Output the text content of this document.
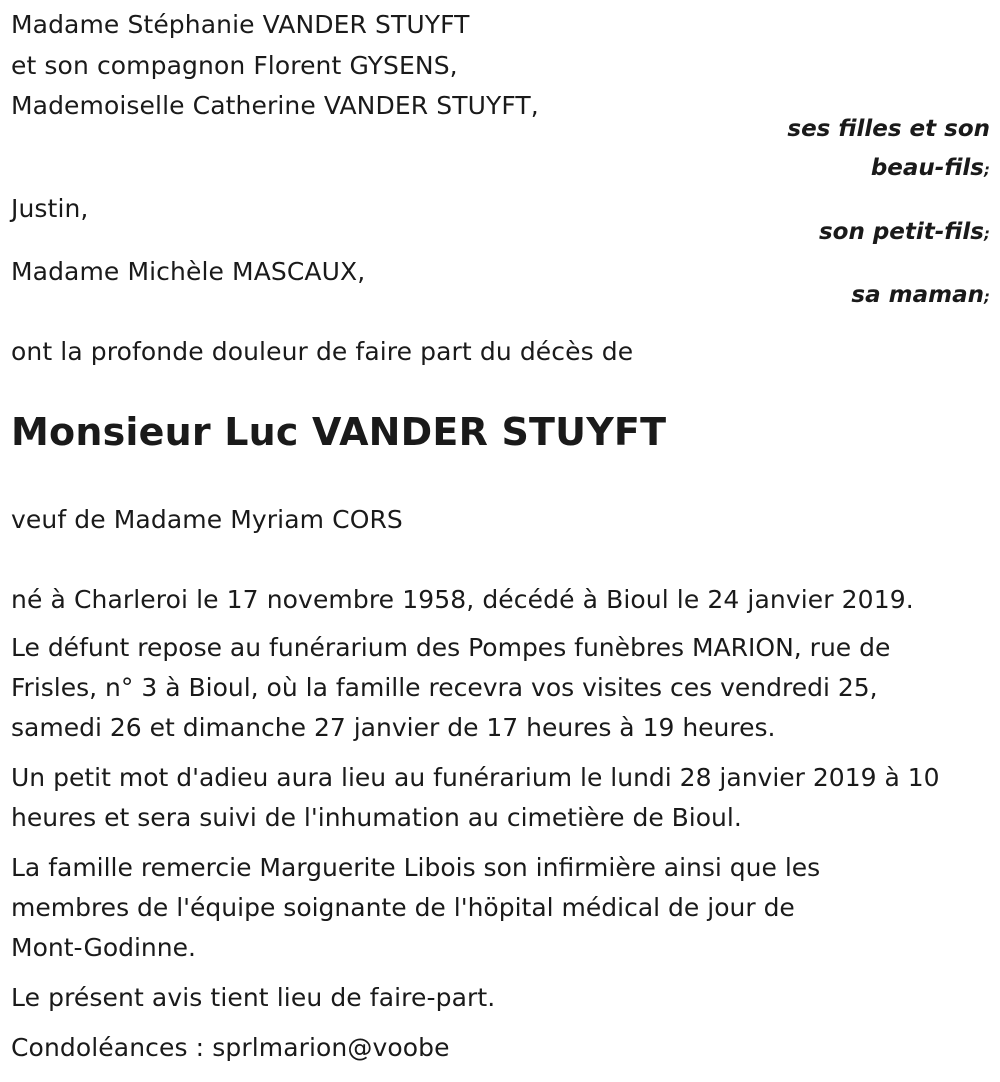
Madame Stéphanie VANDER STUYFT
et son compagnon Florent GYSENS,
Mademoiselle Catherine VANDER STUYFT,
ses filles et son
beau-fils;
Justin,
son petit-fils;
Madame Michèle MASCAUX,
sa maman;
ont la profonde douleur de faire part du décès de
Monsieur Luc VANDER STUYFT
veuf de Madame Myriam CORS
né à Charleroi le 17 novembre 1958, décédé à Bioul le 24 janvier 2019.
Le défunt repose au funérarium des Pompes funèbres MARION, rue de
Frisles, n° 3 à Bioul, où la famille recevra vos visites ces vendredi 25,
samedi 26 et dimanche 27 janvier de 17 heures à 19 heures.
Un petit mot d'adieu aura lieu au funérarium le lundi 28 janvier 2019 à 10
heures et sera suivi de l'inhumation au cimetière de Bioul.
La famille remercie Marguerite Libois son infirmière ainsi que les
membres de l'équipe soignante de l'höpital médical de jour de
Mont-Godinne.
Le présent avis tient lieu de faire-part.
Condoléances : sprlmarion@voobe
